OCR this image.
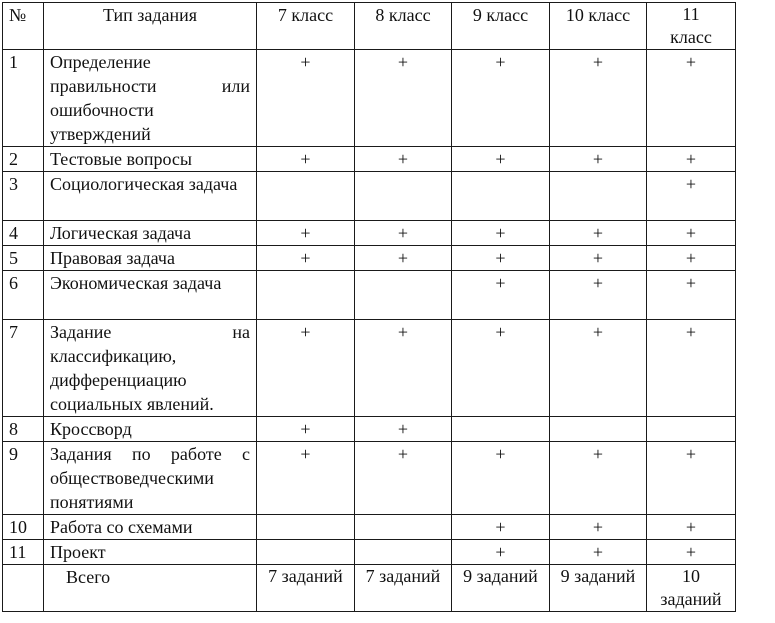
№	Тип задания	7 класс	8 класс	9 класс	10 класс	11 класс
1	Определение правильности или ошибочности утверждений	+	+	+	+	+
2	Тестовые вопросы	+	+	+	+	+
3	Социологическая задача					+
4	Логическая задача	+	+	+	+	+
5	Правовая задача	+	+	+	+	+
6	Экономическая задача			+	+	+
7	Задание на классификацию, дифференциацию социальных явлений.	+	+	+	+	+
8	Кроссворд	+	+			
9	Задания по работе с обществоведческими понятиями	+	+	+	+	+
10	Работа со схемами			+	+	+
11	Проект			+	+	+
	Всего	7 заданий	7 заданий	9 заданий	9 заданий	10 заданий
